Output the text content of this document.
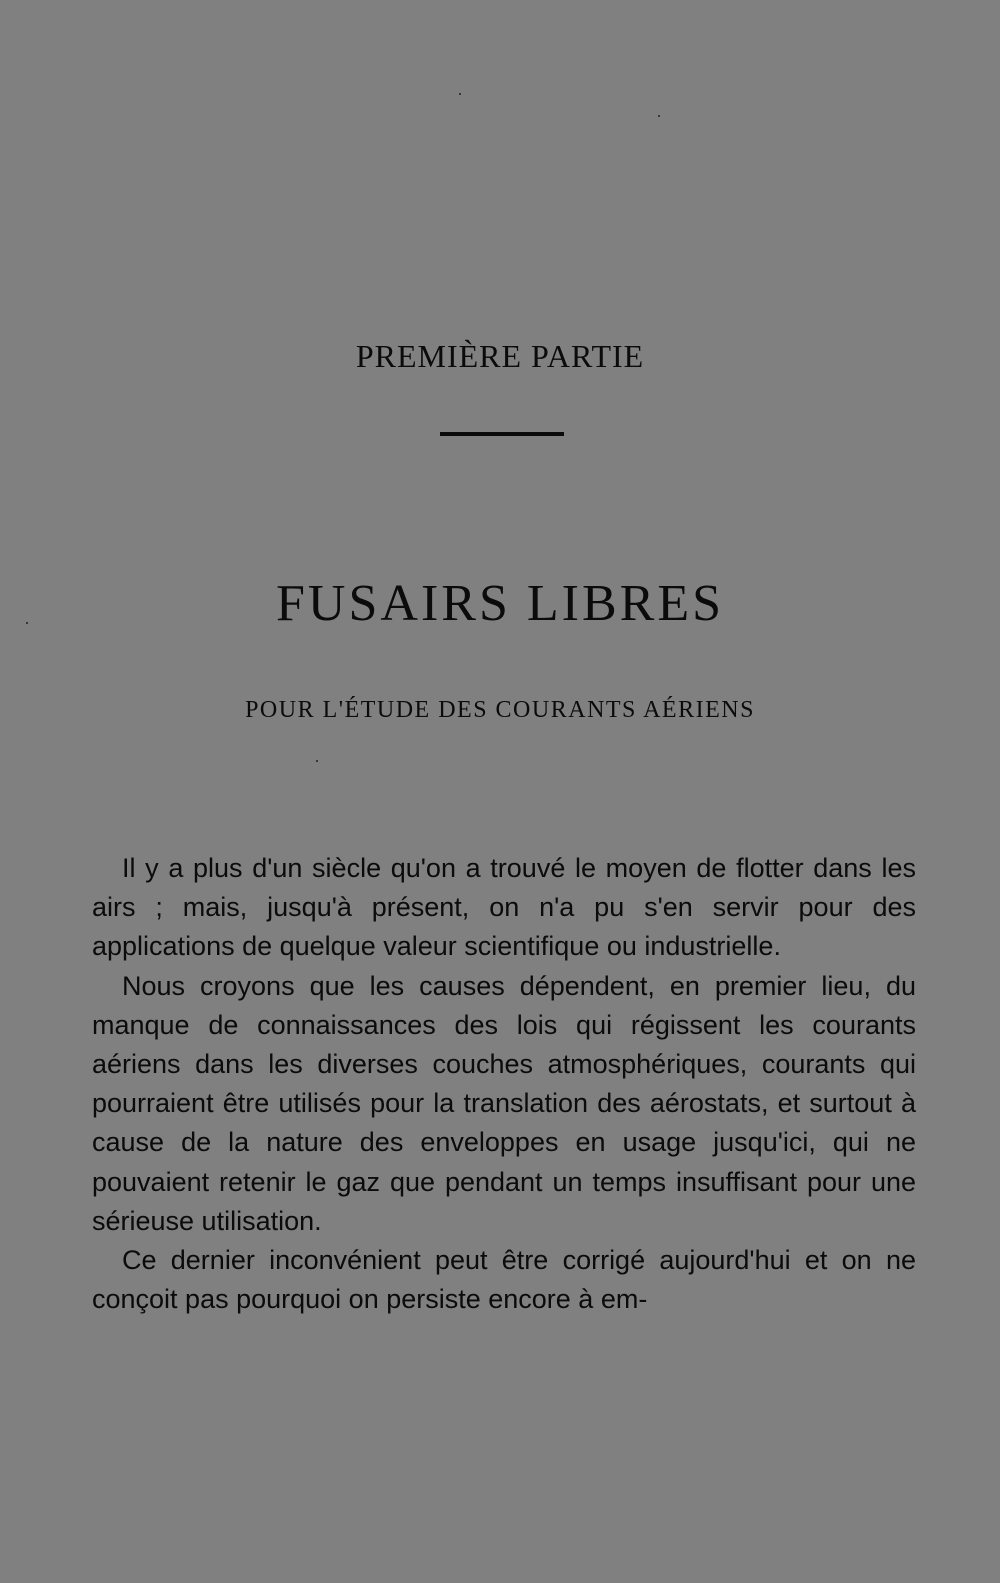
PREMIÈRE PARTIE
FUSAIRS LIBRES
POUR L'ÉTUDE DES COURANTS AÉRIENS

Il y a plus d'un siècle qu'on a trouvé le moyen de flotter dans les airs ; mais, jusqu'à présent, on n'a pu s'en servir pour des applications de quelque valeur scientifique ou industrielle.

Nous croyons que les causes dépendent, en premier lieu, du manque de connaissances des lois qui régissent les courants aériens dans les diverses couches atmosphériques, courants qui pourraient être utilisés pour la translation des aérostats, et surtout à cause de la nature des enveloppes en usage jusqu'ici, qui ne pouvaient retenir le gaz que pendant un temps insuffisant pour une sérieuse utilisation.

Ce dernier inconvénient peut être corrigé aujourd'hui et on ne conçoit pas pourquoi on persiste encore à em-
